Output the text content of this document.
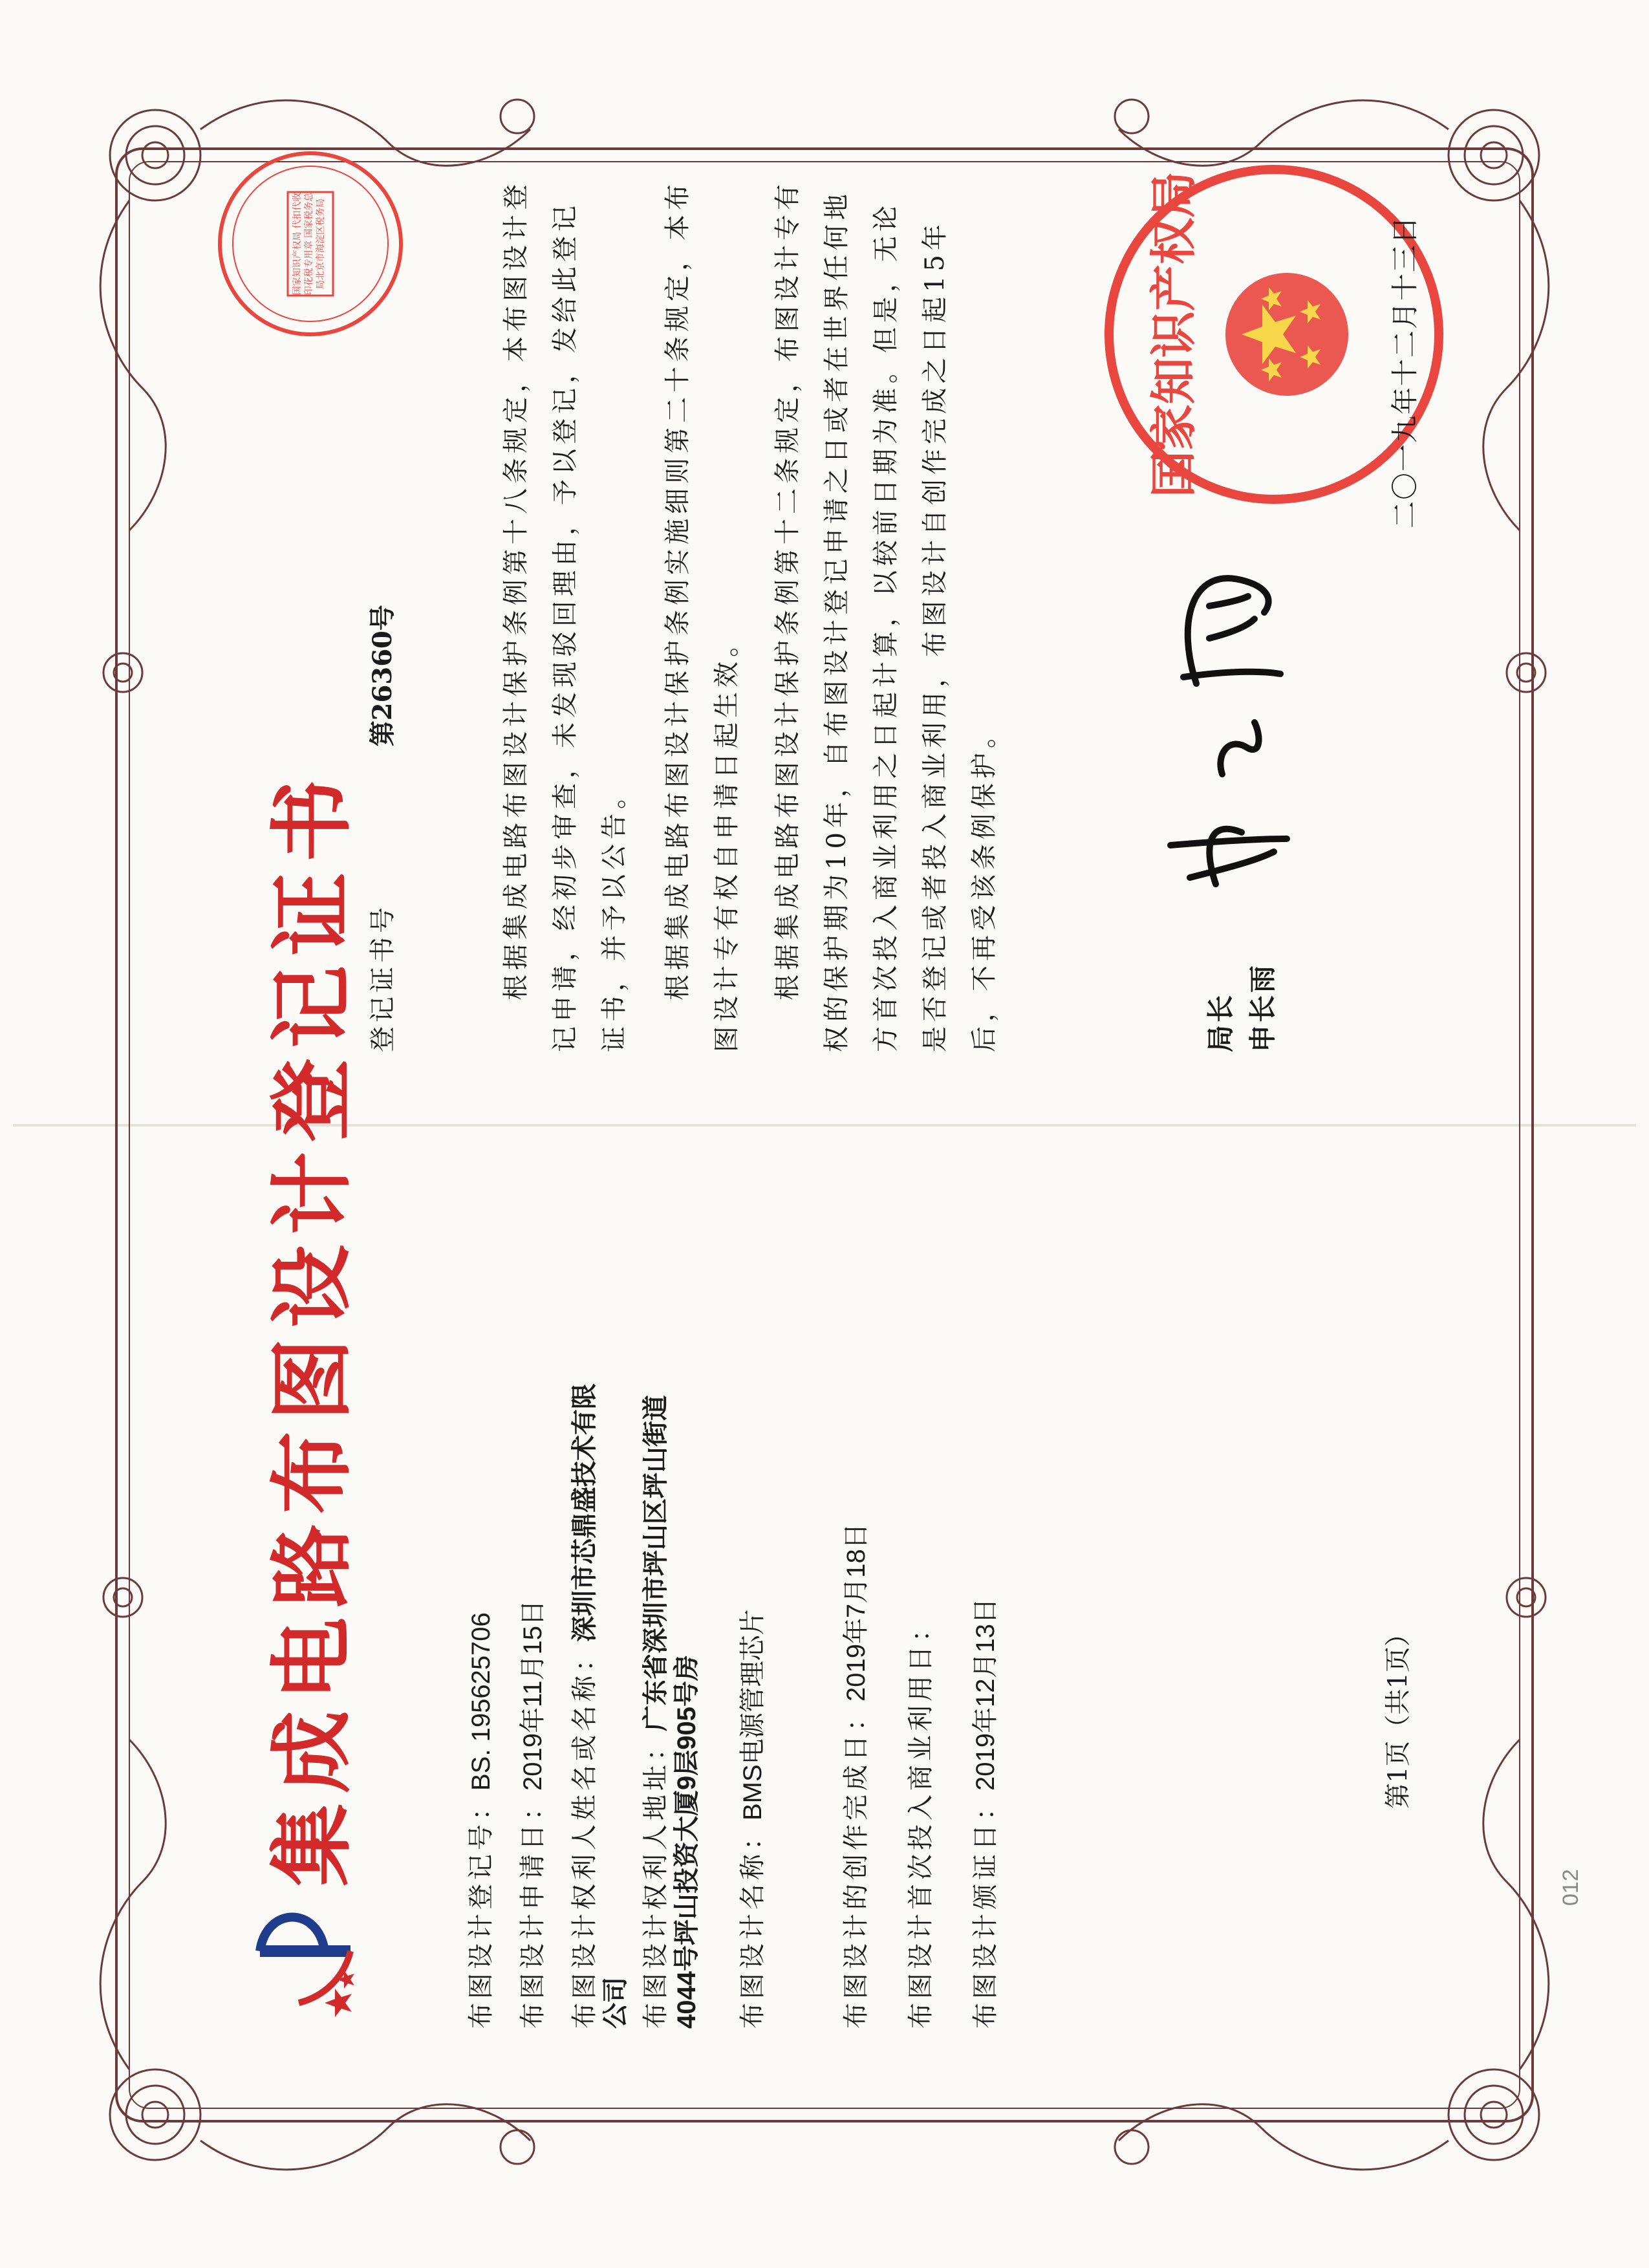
集成电路布图设计登记证书
布图设计登记号：BS. 195625706
布图设计申请日：2019年11月15日 布图设计权利人姓名或名称：深圳市芯鼎盛技术有限公司 布图设计权利人地址：广东省深圳市坪山区坪山街道4044号坪山投资大厦9层905号房 布图设计名称：BMS电源管理芯片	布图设计的创作完成日：2019年7月18日 布图设计首次投入商业利用日： 布图设计颁证日：2019年12月13日	第1页（共1页）
登记证书号 第26360号	根据集成电路布图设计保护条例第十八条规定，本布图设计登记申请，经初步审查，未发现驳回理由，予以登记，发给此登记证书，并予以公告。	根据集成电路布图设计保护条例实施细则第二十条规定，本布图设计专有权自申请日起生效。	根据集成电路布图设计保护条例第十二条规定，布图设计专有权的保护期为10年，自布图设计登记申请之日或者在世界任何地方首次投入商业利用之日起计算，以较前日期为准。但是，无论是否登记或者投入商业利用，布图设计自创作完成之日起15年后，不再受该条例保护。	局长 申长雨
国家知识产权局
国家知识产权局 代扣代收印花税专用章 国家税务总局北京市海淀区税务局	二〇一九年十二月十三日
012
